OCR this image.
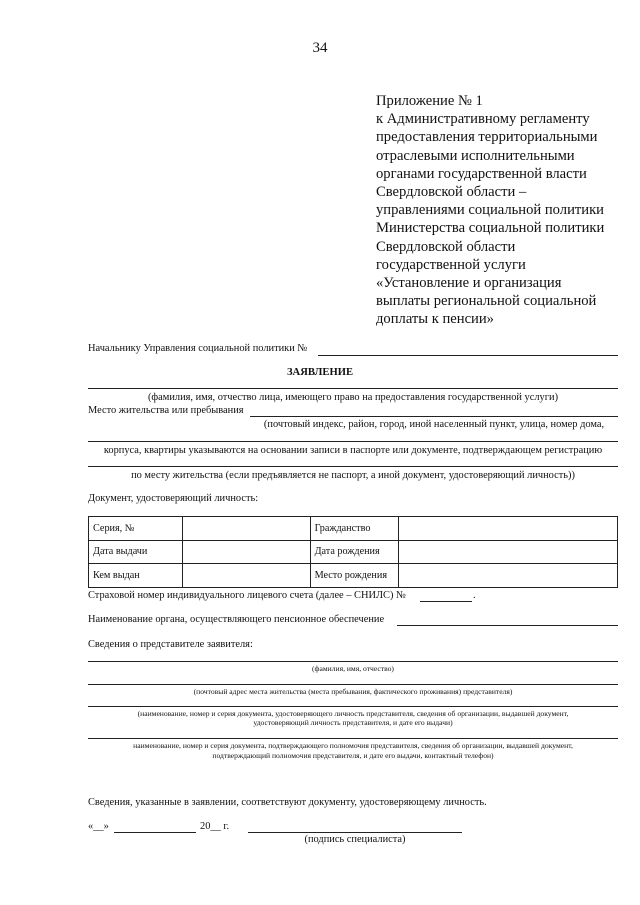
34
Приложение № 1
к Административному регламенту
предоставления территориальными
отраслевыми исполнительными
органами государственной власти
Свердловской области –
управлениями социальной политики
Министерства социальной политики
Свердловской области
государственной услуги
«Установление и организация
выплаты региональной социальной
доплаты к пенсии»
Начальнику Управления социальной политики №
ЗАЯВЛЕНИЕ
(фамилия, имя, отчество лица, имеющего право на предоставления государственной услуги)
Место жительства или пребывания
(почтовый индекс, район, город, иной населенный пункт, улица, номер дома,
корпуса, квартиры указываются на основании записи в паспорте или документе, подтверждающем регистрацию
по месту жительства (если предъявляется не паспорт, а иной документ, удостоверяющий личность))
Документ, удостоверяющий личность:
Серия, №		Гражданство	
Дата выдачи		Дата рождения	
Кем выдан		Место рождения	
Страховой номер индивидуального лицевого счета (далее – СНИЛС) №	.
Наименование органа, осуществляющего пенсионное обеспечение
Сведения о представителе заявителя:
(фамилия, имя, отчество)
(почтовый адрес места жительства (места пребывания, фактического проживания) представителя)
(наименование, номер и серия документа, удостоверяющего личность представителя, сведения об организации, выдавшей документ,
удостоверяющий личность представителя, и дате его выдачи)
наименование, номер и серия документа, подтверждающего полномочия представителя, сведения об организации, выдавшей документ,
подтверждающий полномочия представителя, и дате его выдачи, контактный телефон)
Сведения, указанные в заявлении, соответствуют документу, удостоверяющему личность.
«__»	20__ г.
(подпись специалиста)
